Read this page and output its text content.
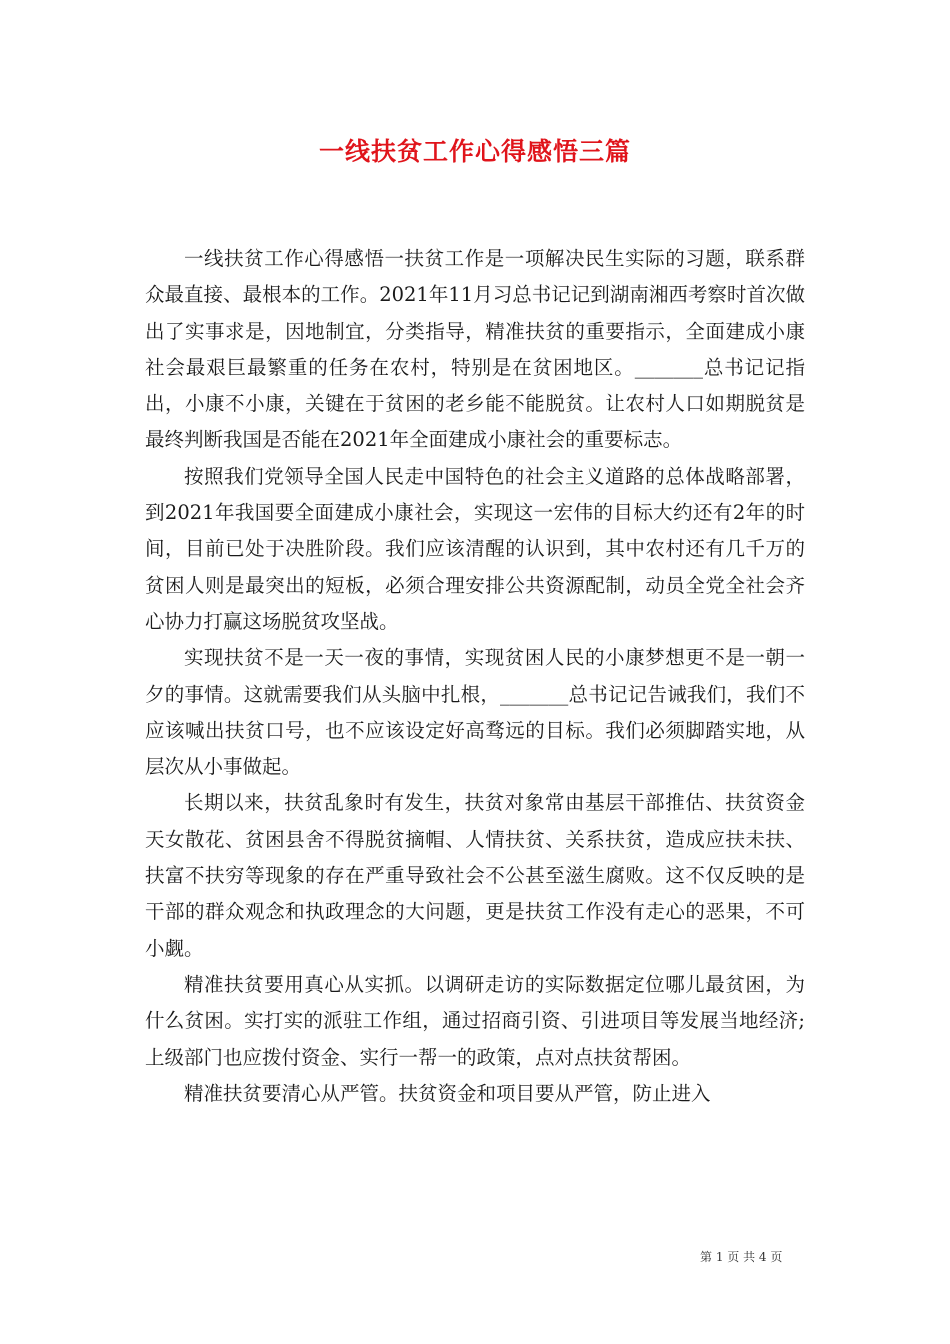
一线扶贫工作心得感悟三篇

一线扶贫工作心得感悟一扶贫工作是一项解决民生实际的习题，联系群众最直接、最根本的工作。2021年11月习总书记记到湖南湘西考察时首次做出了实事求是，因地制宜，分类指导，精准扶贫的重要指示，全面建成小康社会最艰巨最繁重的任务在农村，特别是在贫困地区。_______总书记记指出，小康不小康，关键在于贫困的老乡能不能脱贫。让农村人口如期脱贫是最终判断我国是否能在2021年全面建成小康社会的重要标志。

按照我们党领导全国人民走中国特色的社会主义道路的总体战略部署，到2021年我国要全面建成小康社会，实现这一宏伟的目标大约还有2年的时间，目前已处于决胜阶段。我们应该清醒的认识到，其中农村还有几千万的贫困人则是最突出的短板，必须合理安排公共资源配制，动员全党全社会齐心协力打赢这场脱贫攻坚战。

实现扶贫不是一天一夜的事情，实现贫困人民的小康梦想更不是一朝一夕的事情。这就需要我们从头脑中扎根，_______总书记记告诫我们，我们不应该喊出扶贫口号，也不应该设定好高骛远的目标。我们必须脚踏实地，从层次从小事做起。

长期以来，扶贫乱象时有发生，扶贫对象常由基层干部推估、扶贫资金天女散花、贫困县舍不得脱贫摘帽、人情扶贫、关系扶贫，造成应扶未扶、扶富不扶穷等现象的存在严重导致社会不公甚至滋生腐败。这不仅反映的是干部的群众观念和执政理念的大问题，更是扶贫工作没有走心的恶果，不可小觑。

精准扶贫要用真心从实抓。以调研走访的实际数据定位哪儿最贫困，为什么贫困。实打实的派驻工作组，通过招商引资、引进项目等发展当地经济;上级部门也应拨付资金、实行一帮一的政策，点对点扶贫帮困。

精准扶贫要清心从严管。扶贫资金和项目要从严管，防止进入

第 1 页 共 4 页
